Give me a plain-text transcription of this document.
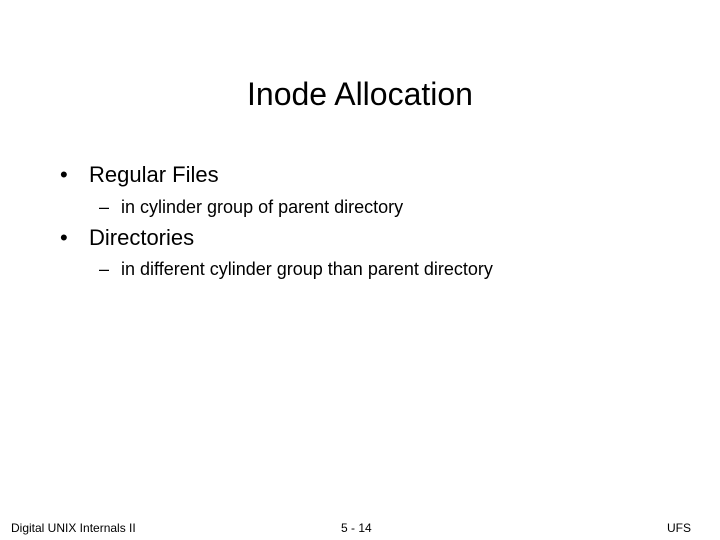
Inode Allocation
• Regular Files
– in cylinder group of parent directory
• Directories
– in different cylinder group than parent directory
Digital UNIX Internals II	5 - 14	UFS
